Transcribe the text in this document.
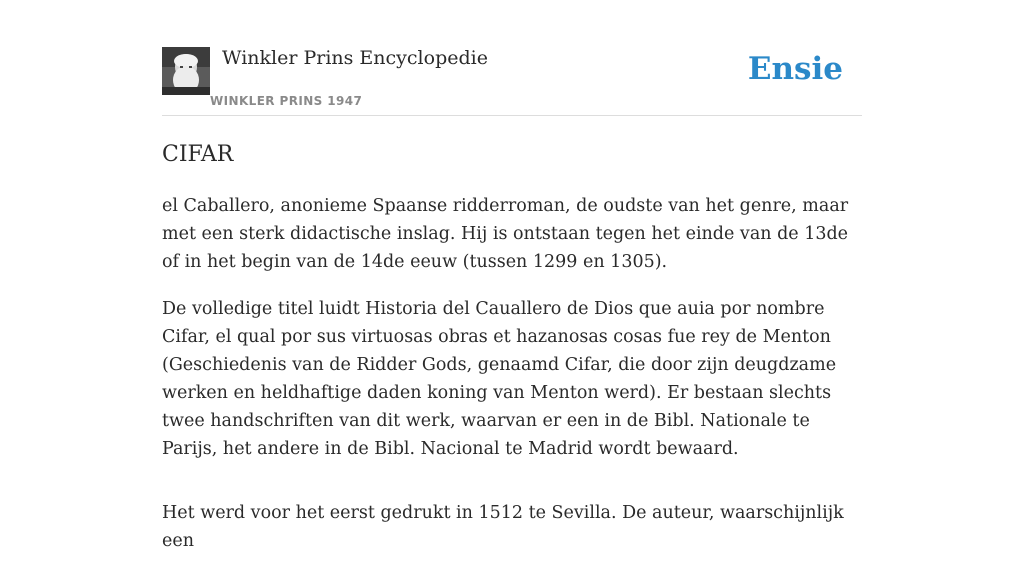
Winkler Prins Encyclopedie
WINKLER PRINS 1947
Ensie
CIFAR

el Caballero, anonieme Spaanse ridderroman, de oudste van het genre, maar met een sterk didactische inslag. Hij is ontstaan tegen het einde van de 13de of in het begin van de 14de eeuw (tussen 1299 en 1305).

De volledige titel luidt Historia del Cauallero de Dios que auia por nombre Cifar, el qual por sus virtuosas obras et hazanosas cosas fue rey de Menton (Geschiedenis van de Ridder Gods, genaamd Cifar, die door zijn deugdzame werken en heldhaftige daden koning van Menton werd). Er bestaan slechts twee handschriften van dit werk, waarvan er een in de Bibl. Nationale te Parijs, het andere in de Bibl. Nacional te Madrid wordt bewaard.

Het werd voor het eerst gedrukt in 1512 te Sevilla. De auteur, waarschijnlijk een
